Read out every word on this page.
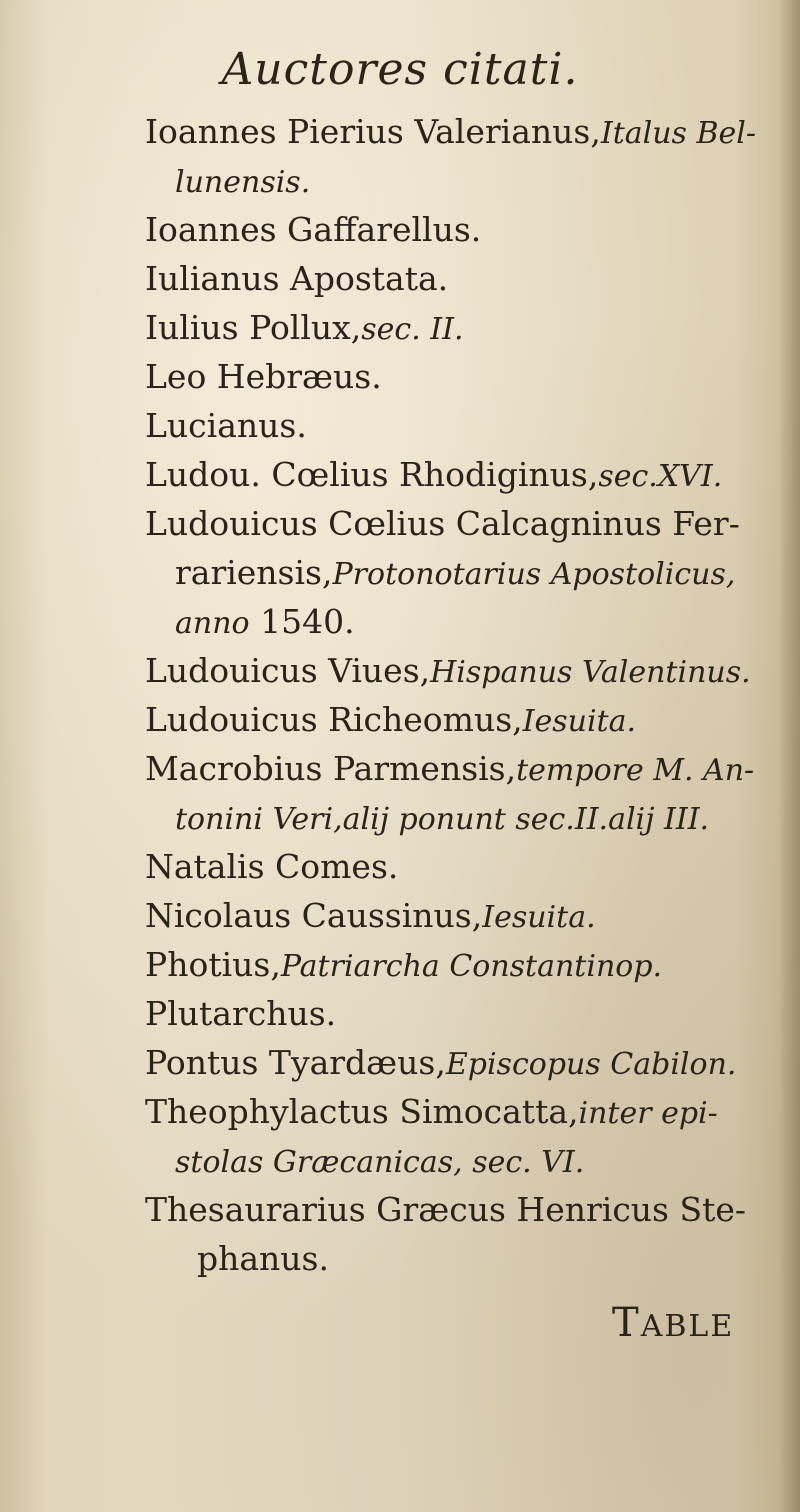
Auctores citati.
Ioannes Pierius Valerianus,Italus Bel-
lunensis.
Ioannes Gaffarellus.
Iulianus Apostata.
Iulius Pollux,sec. II.
Leo Hebræus.
Lucianus.
Ludou. Cœlius Rhodiginus,sec.XVI.
Ludouicus Cœlius Calcagninus Fer-
rariensis,Protonotarius Apostolicus,
anno 1540.
Ludouicus Viues,Hispanus Valentinus.
Ludouicus Richeomus,Iesuita.
Macrobius Parmensis,tempore M. An-
tonini Veri,alij ponunt sec.II.alij III.
Natalis Comes.
Nicolaus Caussinus,Iesuita.
Photius,Patriarcha Constantinop.
Plutarchus.
Pontus Tyardæus,Episcopus Cabilon.
Theophylactus Simocatta,inter epi-
stolas Græcanicas, sec. VI.
Thesaurarius Græcus Henricus Ste-
phanus.
TABLE
